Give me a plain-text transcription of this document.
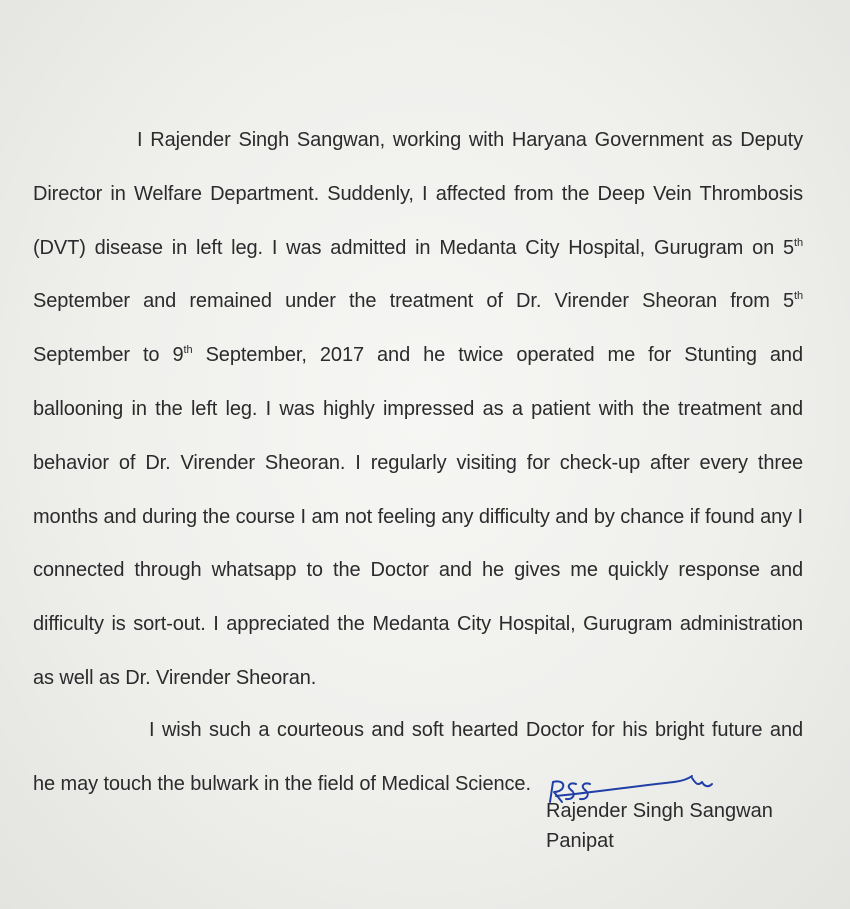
I Rajender Singh Sangwan, working with Haryana Government as Deputy Director in Welfare Department. Suddenly, I affected from the Deep Vein Thrombosis (DVT) disease in left leg. I was admitted in Medanta City Hospital, Gurugram on 5th September and remained under the treatment of Dr. Virender Sheoran from 5th September to 9th September, 2017 and he twice operated me for Stunting and ballooning in the left leg. I was highly impressed as a patient with the treatment and behavior of Dr. Virender Sheoran. I regularly visiting for check-up after every three months and during the course I am not feeling any difficulty and by chance if found any I connected through whatsapp to the Doctor and he gives me quickly response and difficulty is sort-out. I appreciated the Medanta City Hospital, Gurugram administration as well as Dr. Virender Sheoran.

I wish such a courteous and soft hearted Doctor for his bright future and he may touch the bulwark in the field of Medical Science.

Rajender Singh Sangwan
Panipat
